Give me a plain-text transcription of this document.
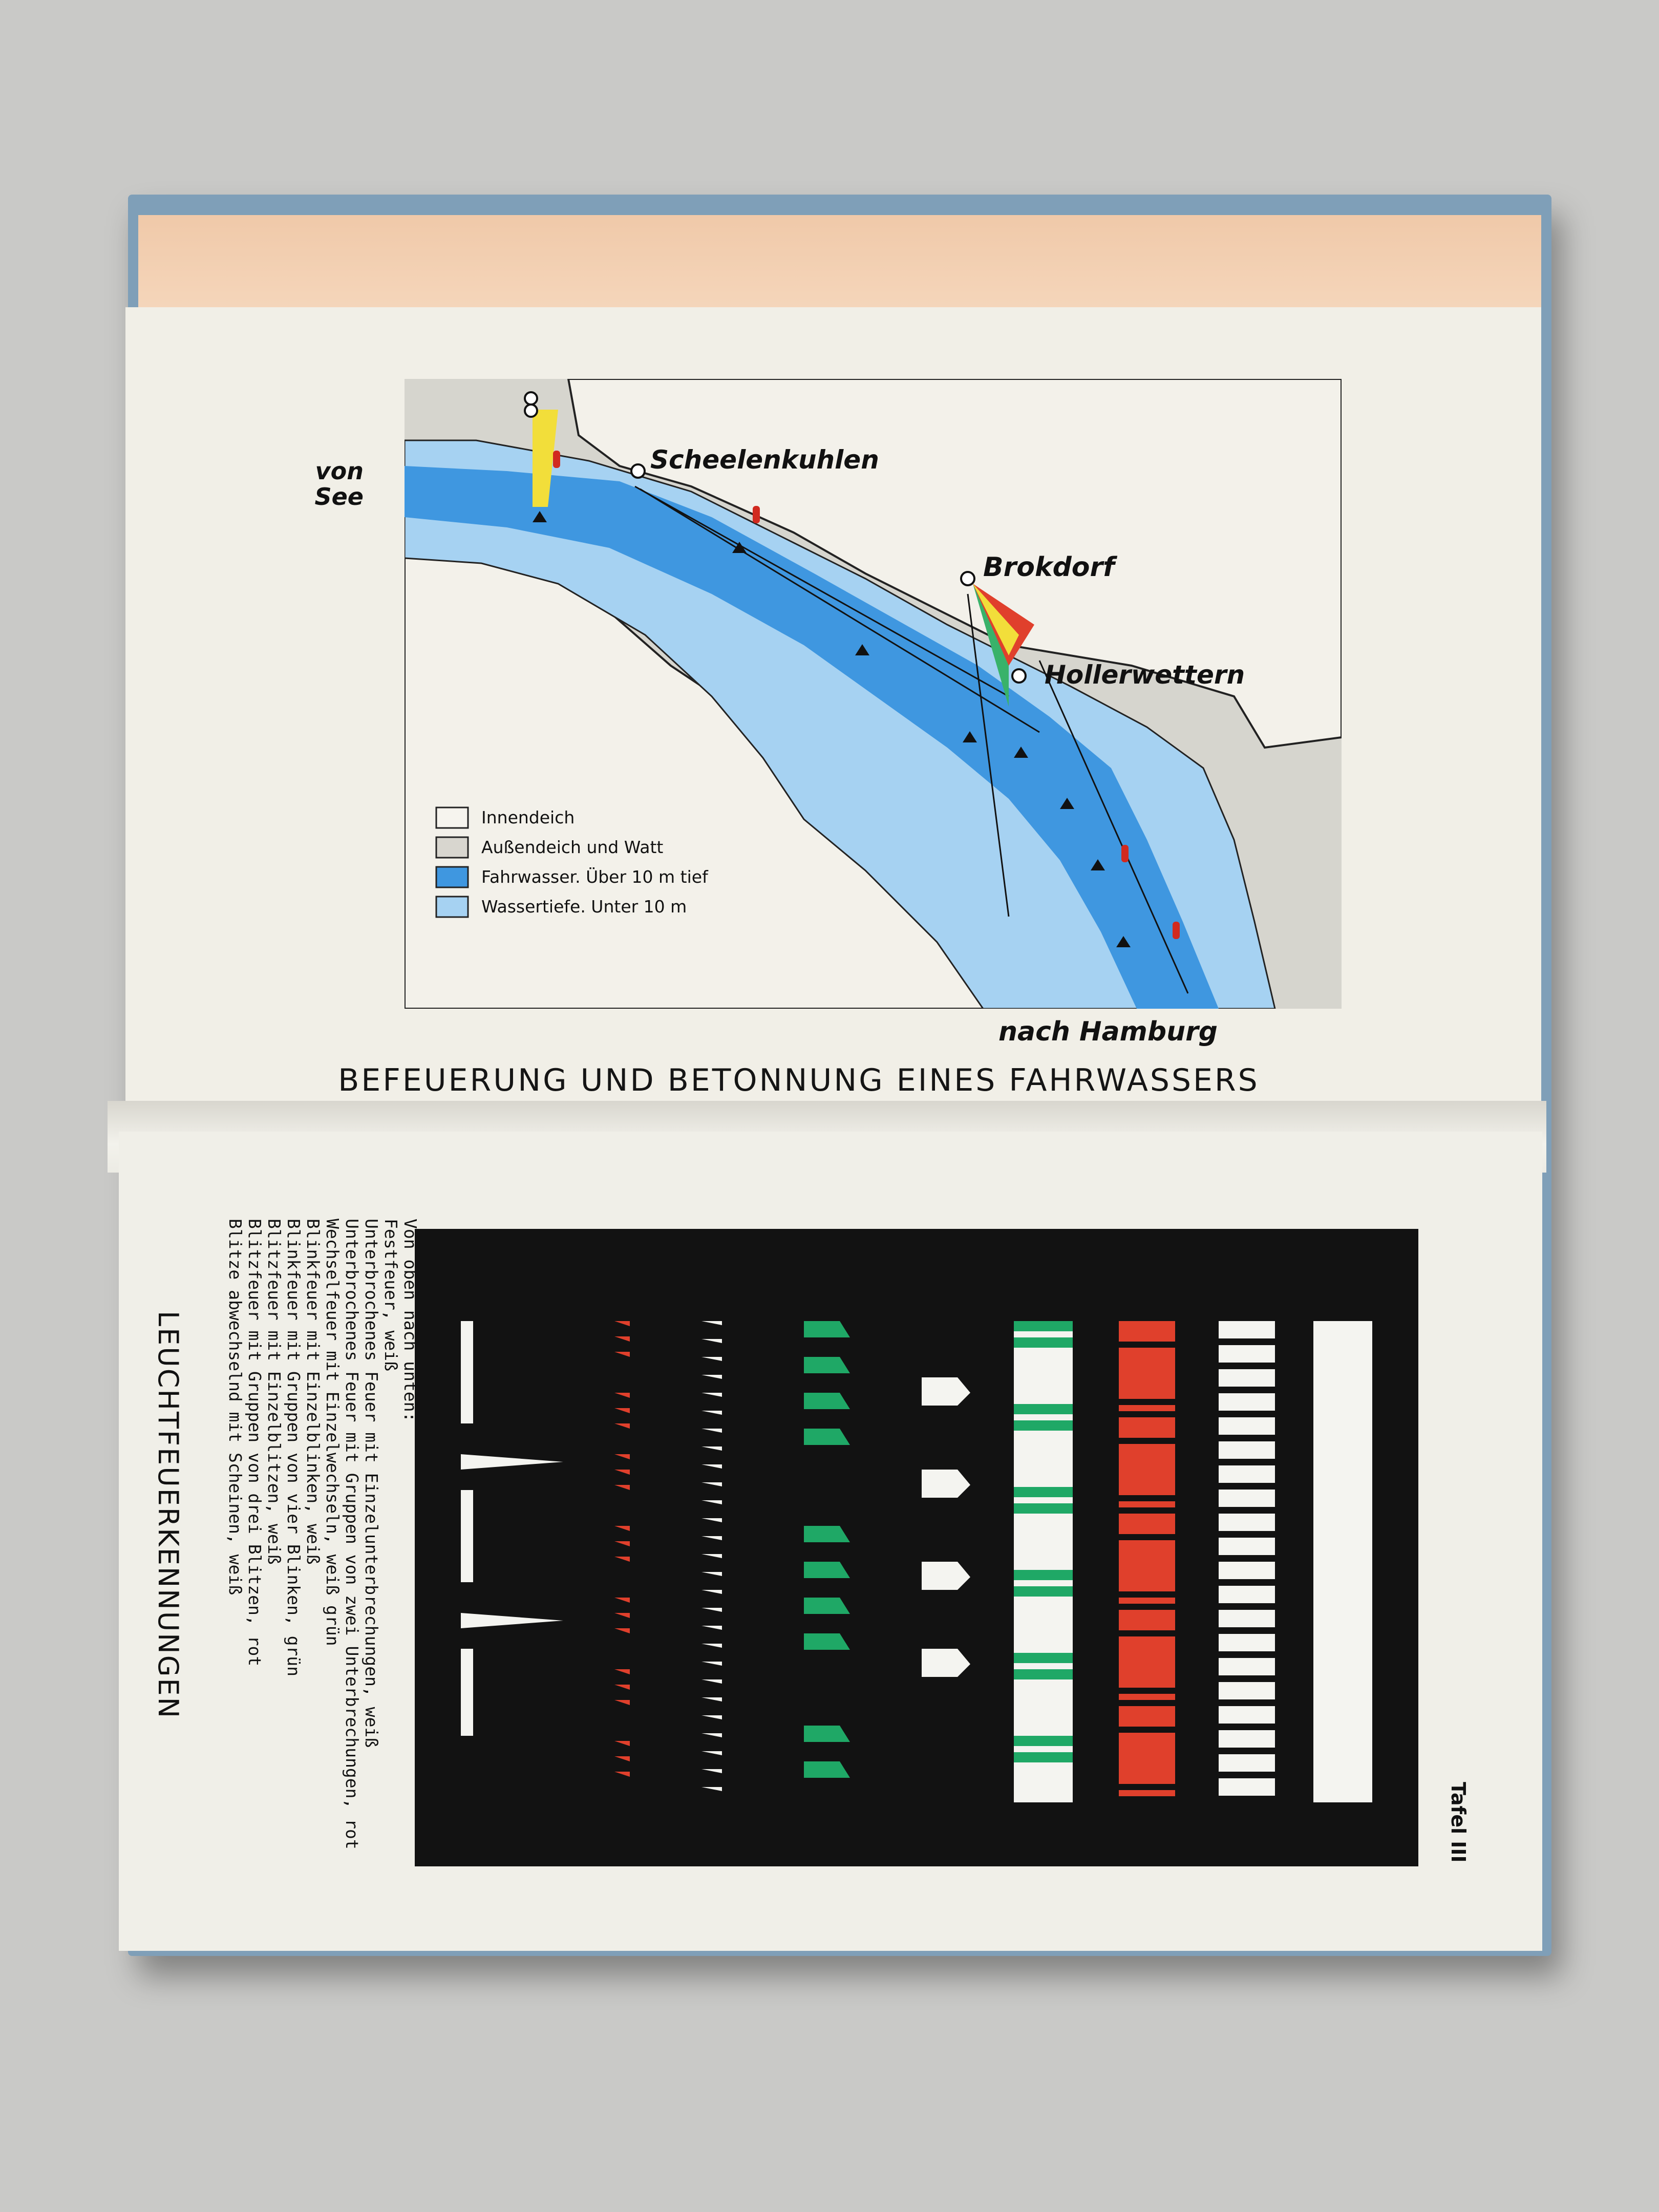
Scheelenkuhlen
Brokdorf
Hollerwettern
Innendeich
Außendeich und Watt
Fahrwasser. Über 10 m tief
Wassertiefe. Unter 10 m
von See
nach Hamburg
BEFEUERUNG UND BETONNUNG EINES FAHRWASSERS
Von oben nach unten:
Festfeuer, weiß
Unterbrochenes Feuer mit Einzelunterbrechungen, weiß
Unterbrochenes Feuer mit Gruppen von zwei Unterbrechungen, rot
Wechselfeuer mit Einzelwechseln, weiß grün
Blinkfeuer mit Einzelblinken, weiß
Blinkfeuer mit Gruppen von vier Blinken, grün
Blitzfeuer mit Einzelblitzen, weiß
Blitzfeuer mit Gruppen von drei Blitzen, rot
Blitze abwechselnd mit Scheinen, weiß
LEUCHTFEUERKENNUNGEN
Tafel III
